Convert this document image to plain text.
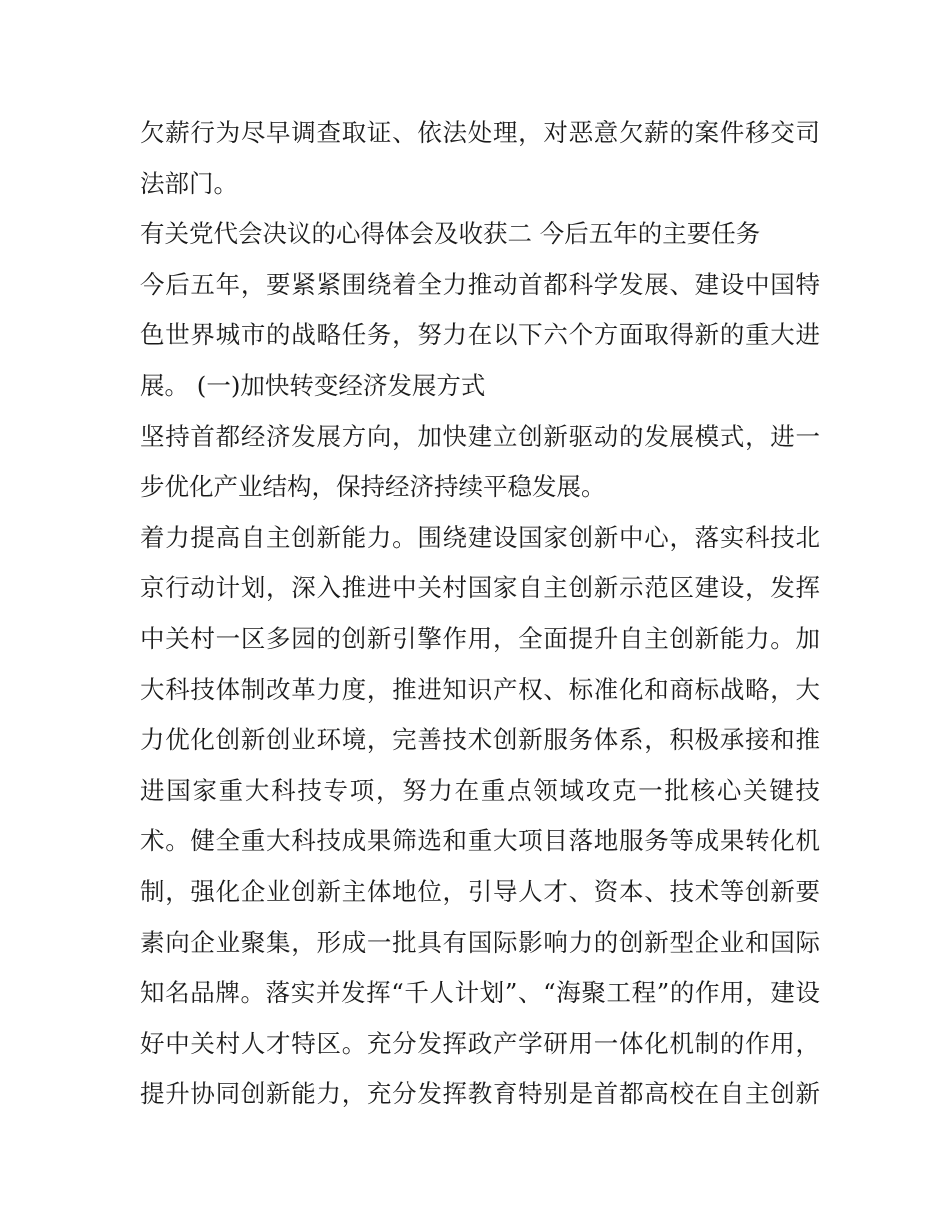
欠薪行为尽早调查取证、依法处理，对恶意欠薪的案件移交司
法部门。
有关党代会决议的心得体会及收获二 今后五年的主要任务
今后五年，要紧紧围绕着全力推动首都科学发展、建设中国特
色世界城市的战略任务，努力在以下六个方面取得新的重大进
展。 (一)加快转变经济发展方式
坚持首都经济发展方向，加快建立创新驱动的发展模式，进一
步优化产业结构，保持经济持续平稳发展。
着力提高自主创新能力。围绕建设国家创新中心，落实科技北
京行动计划，深入推进中关村国家自主创新示范区建设，发挥
中关村一区多园的创新引擎作用，全面提升自主创新能力。加
大科技体制改革力度，推进知识产权、标准化和商标战略，大
力优化创新创业环境，完善技术创新服务体系，积极承接和推
进国家重大科技专项，努力在重点领域攻克一批核心关键技
术。健全重大科技成果筛选和重大项目落地服务等成果转化机
制，强化企业创新主体地位，引导人才、资本、技术等创新要
素向企业聚集，形成一批具有国际影响力的创新型企业和国际
知名品牌。落实并发挥“千人计划”、“海聚工程”的作用，建设
好中关村人才特区。充分发挥政产学研用一体化机制的作用，
提升协同创新能力，充分发挥教育特别是首都高校在自主创新
